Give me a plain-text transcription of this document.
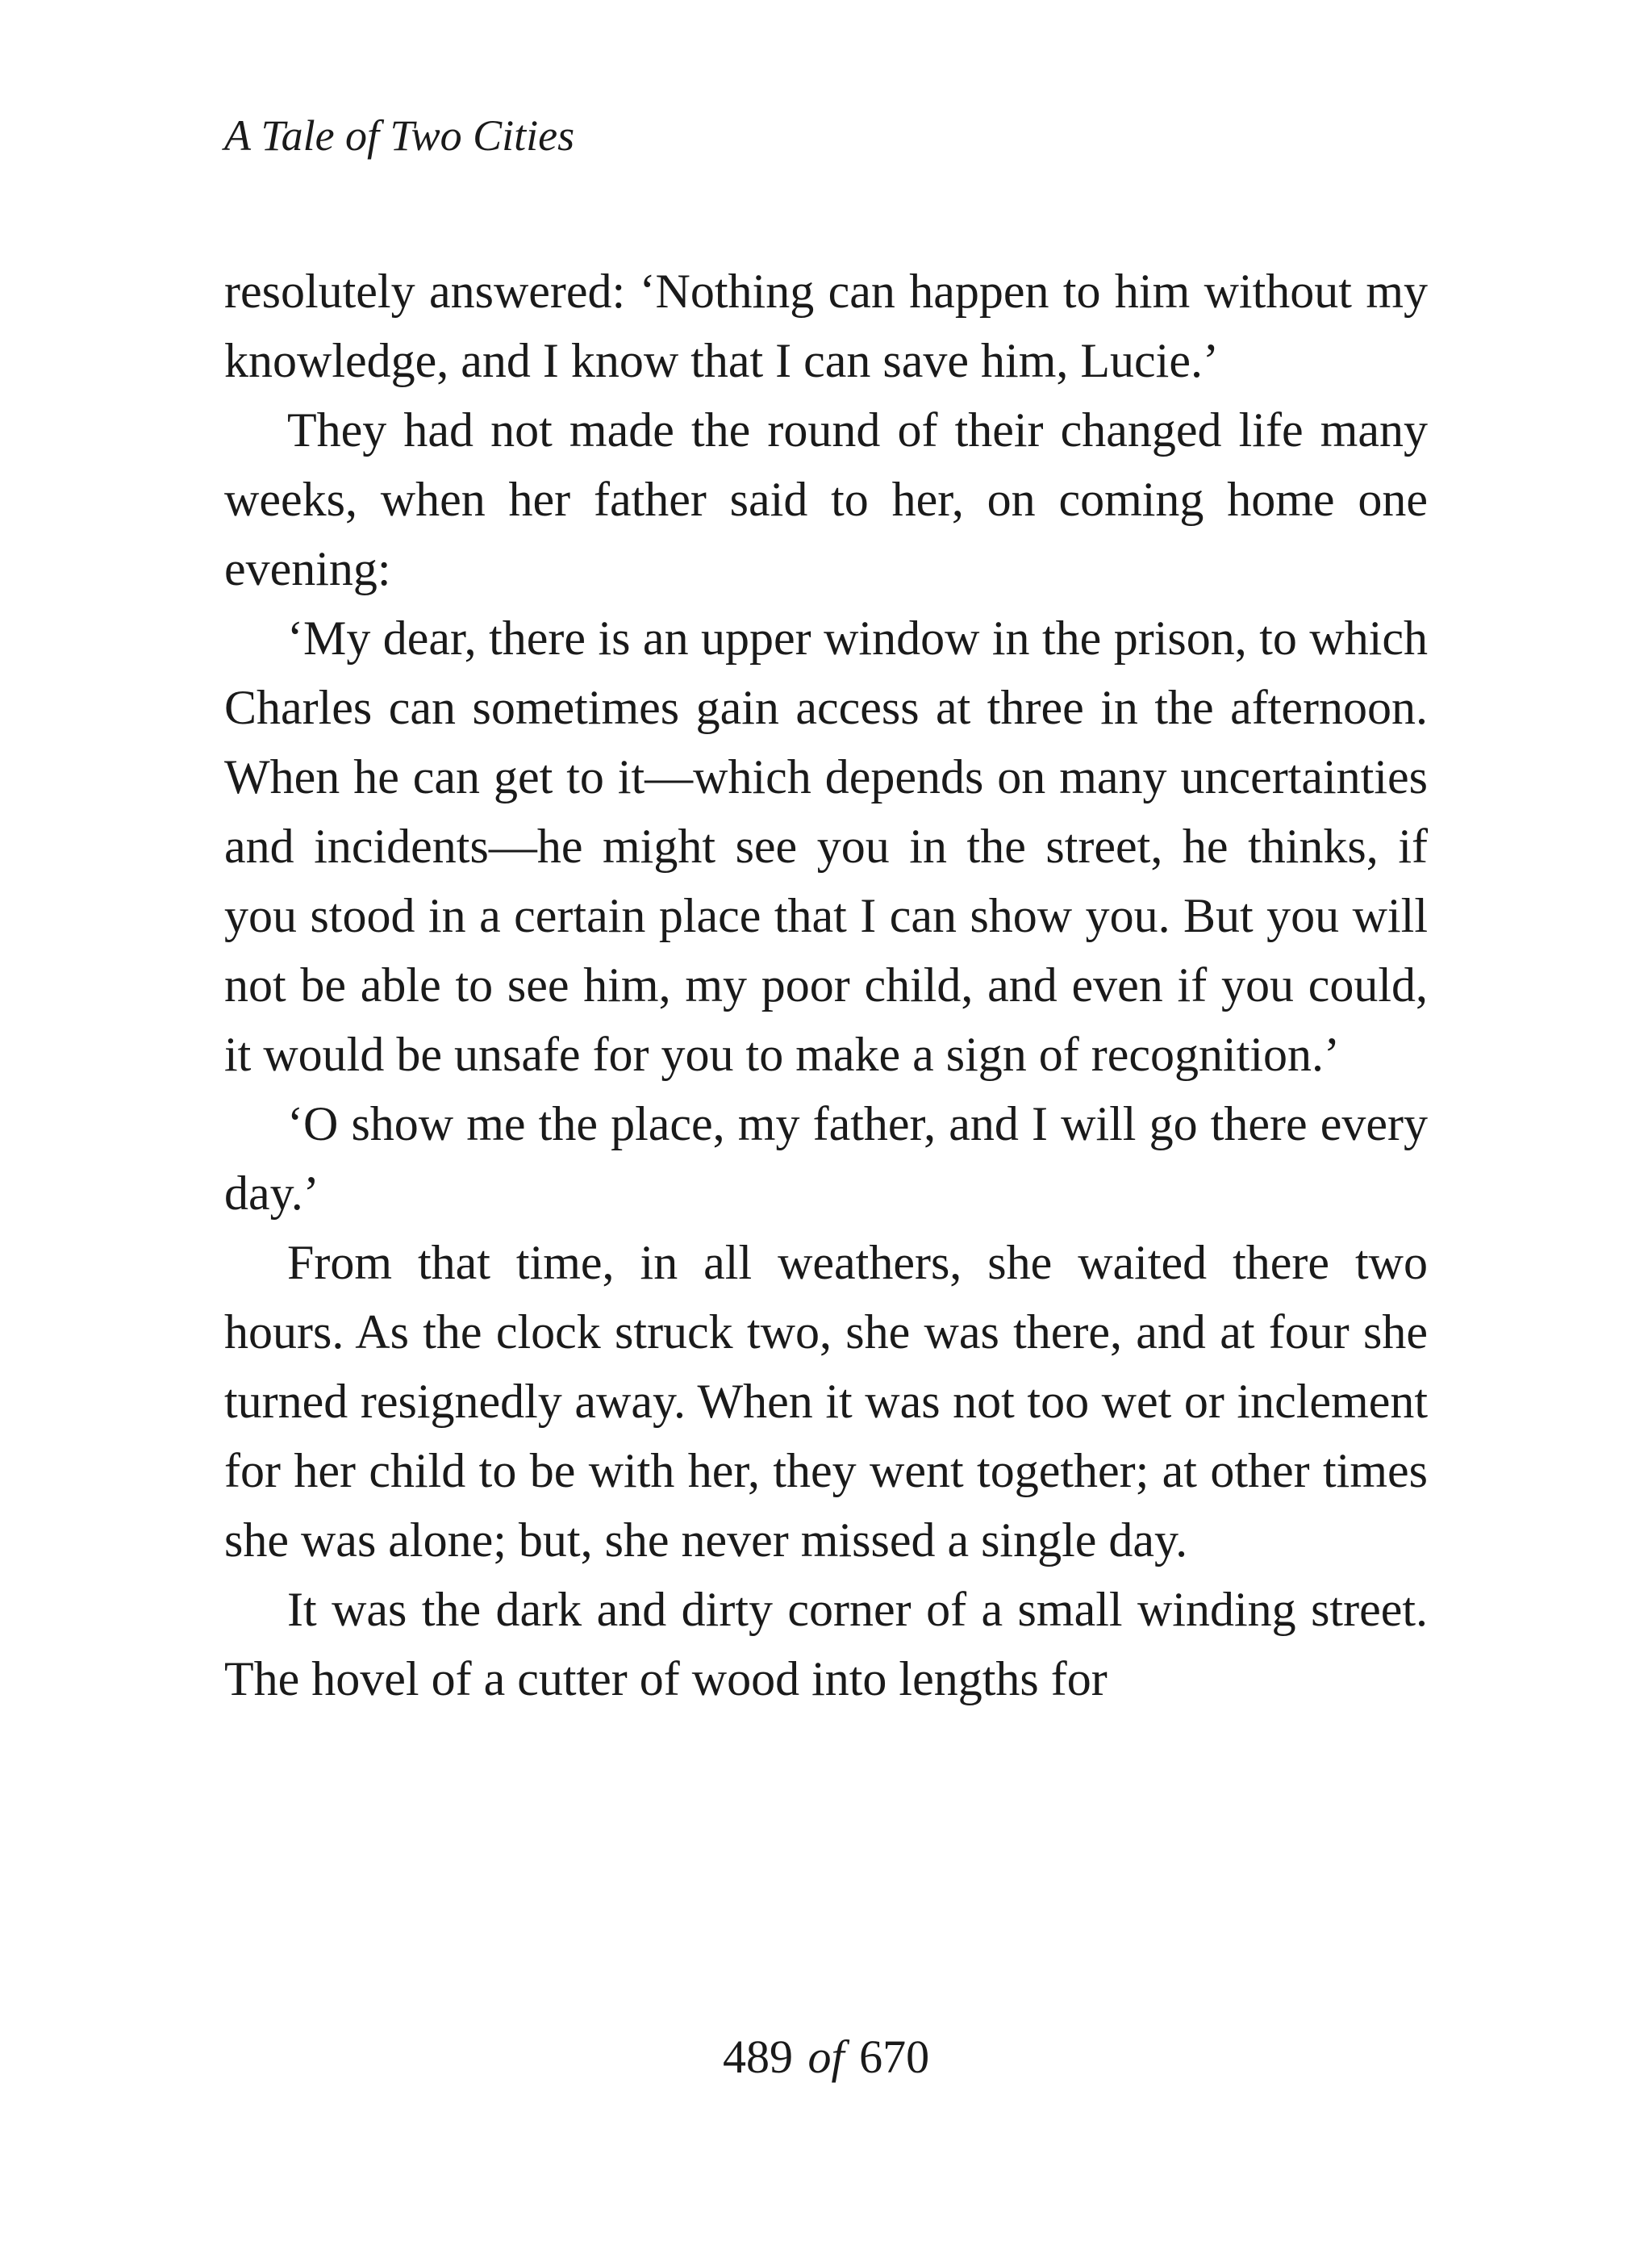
A Tale of Two Cities

resolutely answered: ‘Nothing can happen to him without my knowledge, and I know that I can save him, Lucie.’

They had not made the round of their changed life many weeks, when her father said to her, on coming home one evening:

‘My dear, there is an upper window in the prison, to which Charles can sometimes gain access at three in the afternoon. When he can get to it—which depends on many uncertainties and incidents—he might see you in the street, he thinks, if you stood in a certain place that I can show you. But you will not be able to see him, my poor child, and even if you could, it would be unsafe for you to make a sign of recognition.’

‘O show me the place, my father, and I will go there every day.’

From that time, in all weathers, she waited there two hours. As the clock struck two, she was there, and at four she turned resignedly away. When it was not too wet or inclement for her child to be with her, they went together; at other times she was alone; but, she never missed a single day.

It was the dark and dirty corner of a small winding street. The hovel of a cutter of wood into lengths for

489 of 670
